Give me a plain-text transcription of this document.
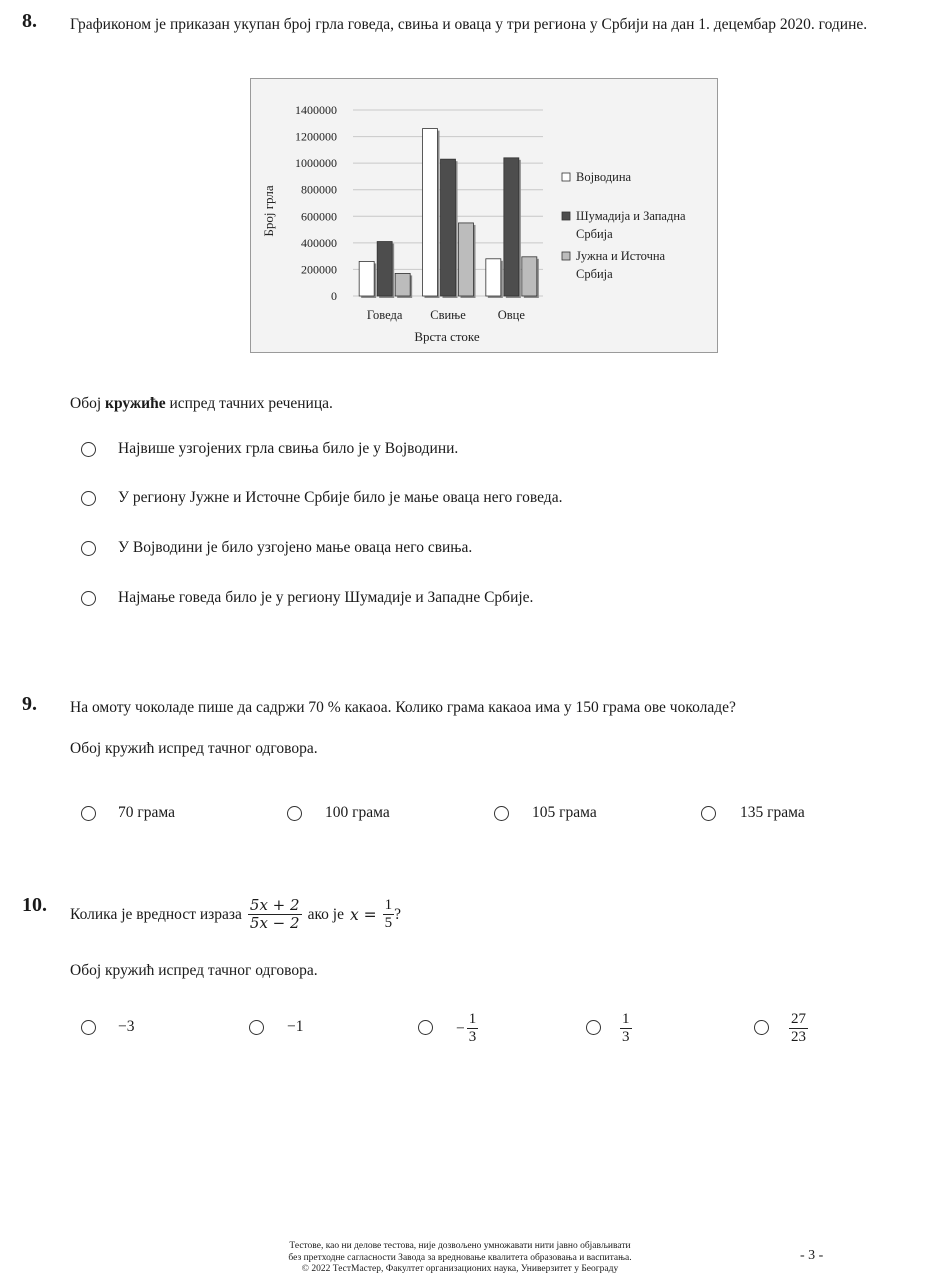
8. Графиконом је приказан укупан број грла говеда, свиња и оваца у три региона у Србији на дан 1. децембар 2020. године.
0
200000
400000
600000
800000
1000000
1200000
1400000
Говеда Свиње	Овце
Војводина
Шумадија и Западна
Србија
Јужна и Источна
Србија
Број грла
Врста стоке
Обој кружиће испред тачних реченица.
Највише узгојених грла свиња било је у Војводини.
У региону Јужне и Источне Србије било је мање оваца него говеда.
У Војводини је било узгојено мање оваца него свиња.
Најмање говеда било је у региону Шумадије и Западне Србије.
9. На омоту чоколаде пише да садржи 70 % какаоа. Колико грама какаоа има у 150 грама ове чоколаде?
Обој кружић испред тачног одговора.
70 грама	100 грама	105 грама	135 грама
10. Колика је вредност израза $\frac{5x + 2}{5x - 2}$ ако је $x = \frac{1}{5}$ ?
Обој кружић испред тачног одговора.
−3	−1	− $\frac{1}{3}$	$\frac{1}{3}$	$\frac{27}{23}$
Тестове, као ни делове тестова, није дозвољено умножавати нити јавно објављивати
без претходне сагласности Завода за вредновање квалитета образовања и васпитања.
© 2022 ТестМастер, Факултет организационих наука, Универзитет у Београду
- 3 -
